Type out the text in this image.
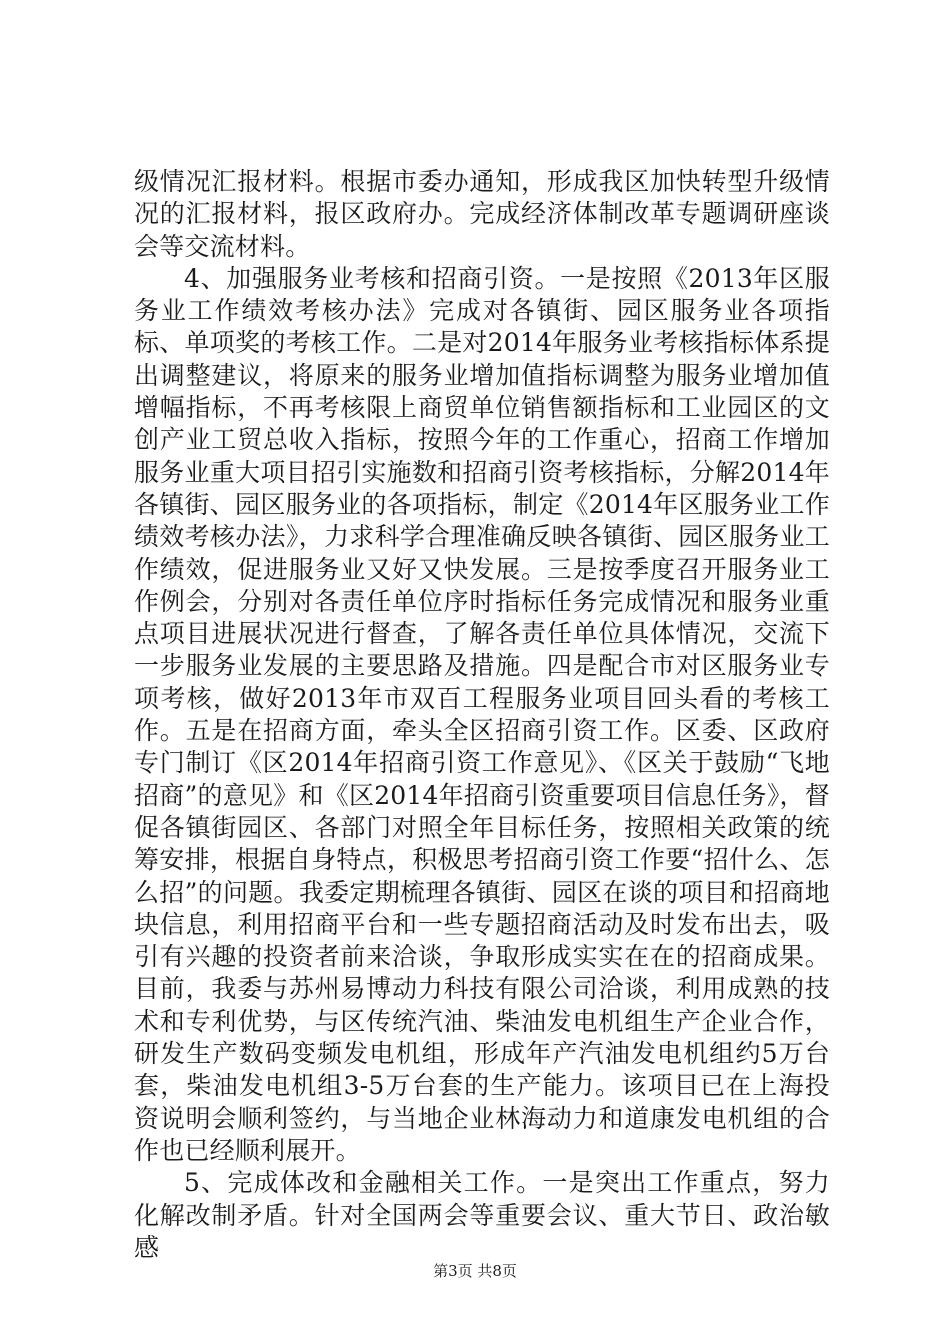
级情况汇报材料。根据市委办通知，形成我区加快转型升级情况的汇报材料，报区政府办。完成经济体制改革专题调研座谈会等交流材料。

4、加强服务业考核和招商引资。一是按照《2013年区服务业工作绩效考核办法》完成对各镇街、园区服务业各项指标、单项奖的考核工作。二是对2014年服务业考核指标体系提出调整建议，将原来的服务业增加值指标调整为服务业增加值增幅指标，不再考核限上商贸单位销售额指标和工业园区的文创产业工贸总收入指标，按照今年的工作重心，招商工作增加服务业重大项目招引实施数和招商引资考核指标，分解2014年各镇街、园区服务业的各项指标，制定《2014年区服务业工作绩效考核办法》，力求科学合理准确反映各镇街、园区服务业工作绩效，促进服务业又好又快发展。三是按季度召开服务业工作例会，分别对各责任单位序时指标任务完成情况和服务业重点项目进展状况进行督查，了解各责任单位具体情况，交流下一步服务业发展的主要思路及措施。四是配合市对区服务业专项考核，做好2013年市双百工程服务业项目回头看的考核工作。五是在招商方面，牵头全区招商引资工作。区委、区政府专门制订《区2014年招商引资工作意见》、《区关于鼓励“飞地招商”的意见》和《区2014年招商引资重要项目信息任务》，督促各镇街园区、各部门对照全年目标任务，按照相关政策的统筹安排，根据自身特点，积极思考招商引资工作要“招什么、怎么招”的问题。我委定期梳理各镇街、园区在谈的项目和招商地块信息，利用招商平台和一些专题招商活动及时发布出去，吸引有兴趣的投资者前来洽谈，争取形成实实在在的招商成果。目前，我委与苏州易博动力科技有限公司洽谈，利用成熟的技术和专利优势，与区传统汽油、柴油发电机组生产企业合作，研发生产数码变频发电机组，形成年产汽油发电机组约5万台套，柴油发电机组3-5万台套的生产能力。该项目已在上海投资说明会顺利签约，与当地企业林海动力和道康发电机组的合作也已经顺利展开。

5、完成体改和金融相关工作。一是突出工作重点，努力化解改制矛盾。针对全国两会等重要会议、重大节日、政治敏感

第3页 共8页
